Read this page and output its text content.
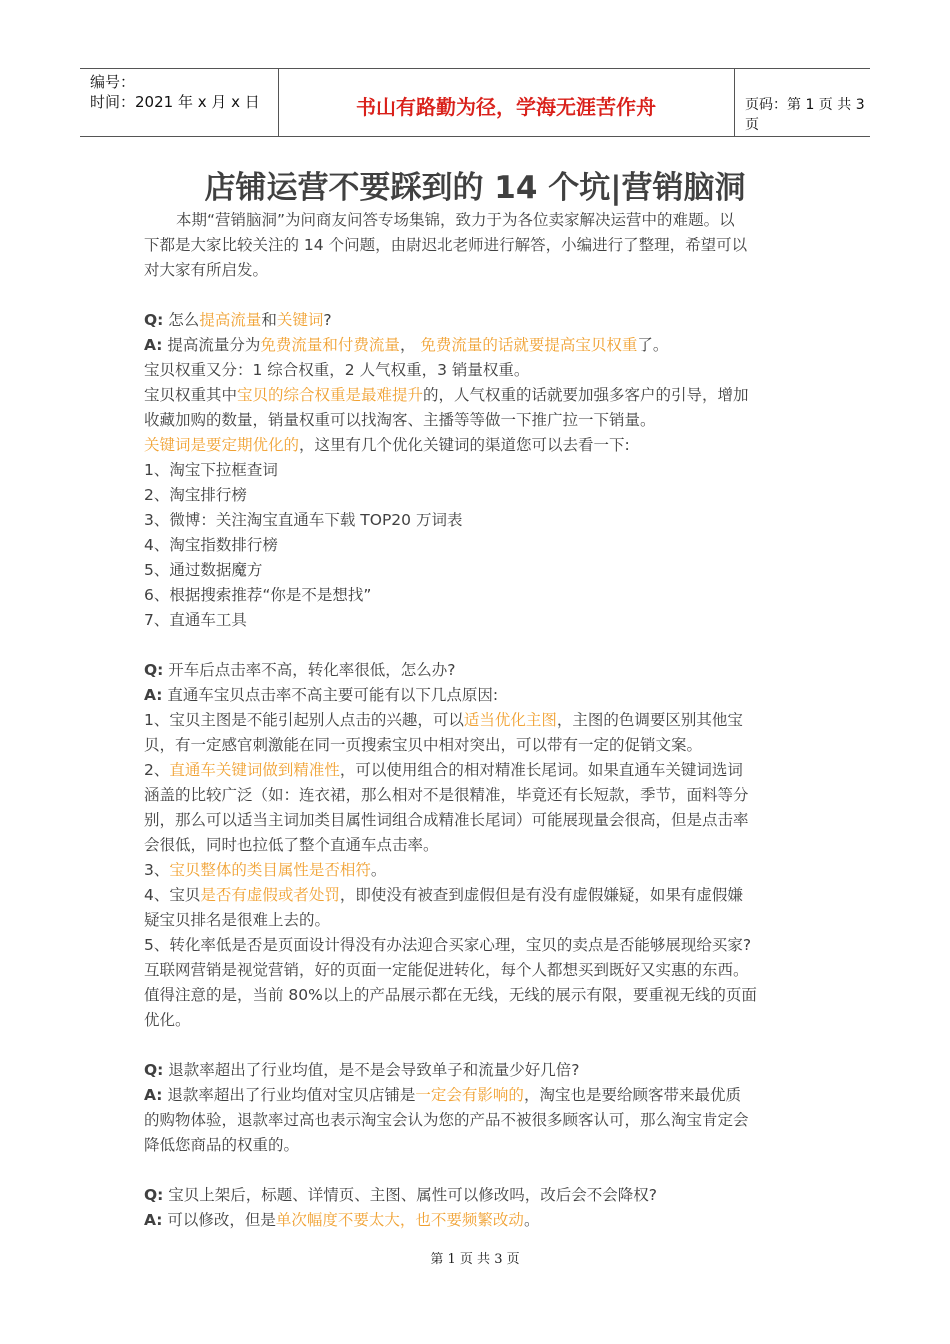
编号：
时间：2021 年 x 月 x 日	书山有路勤为径，学海无涯苦作舟	页码：第 1 页 共 3 页
店铺运营不要踩到的 14 个坑|营销脑洞
本期“营销脑洞”为问商友问答专场集锦，致力于为各位卖家解决运营中的难题。以
下都是大家比较关注的 14 个问题，由尉迟北老师进行解答，小编进行了整理，希望可以
对大家有所启发。
Q: 怎么提高流量和关键词?
A: 提高流量分为免费流量和付费流量， 免费流量的话就要提高宝贝权重了。
宝贝权重又分：1 综合权重，2 人气权重，3 销量权重。
宝贝权重其中宝贝的综合权重是最难提升的，人气权重的话就要加强多客户的引导，增加
收藏加购的数量，销量权重可以找淘客、主播等等做一下推广拉一下销量。
关键词是要定期优化的，这里有几个优化关键词的渠道您可以去看一下:
1、淘宝下拉框查词
2、淘宝排行榜
3、微博：关注淘宝直通车下载 TOP20 万词表
4、淘宝指数排行榜
5、通过数据魔方
6、根据搜索推荐“你是不是想找”
7、直通车工具
Q: 开车后点击率不高，转化率很低，怎么办?
A: 直通车宝贝点击率不高主要可能有以下几点原因:
1、宝贝主图是不能引起别人点击的兴趣，可以适当优化主图，主图的色调要区别其他宝
贝，有一定感官刺激能在同一页搜索宝贝中相对突出，可以带有一定的促销文案。
2、直通车关键词做到精准性，可以使用组合的相对精准长尾词。如果直通车关键词选词
涵盖的比较广泛（如：连衣裙，那么相对不是很精准，毕竟还有长短款，季节，面料等分
别，那么可以适当主词加类目属性词组合成精准长尾词）可能展现量会很高，但是点击率
会很低，同时也拉低了整个直通车点击率。
3、宝贝整体的类目属性是否相符。
4、宝贝是否有虚假或者处罚，即使没有被查到虚假但是有没有虚假嫌疑，如果有虚假嫌
疑宝贝排名是很难上去的。
5、转化率低是否是页面设计得没有办法迎合买家心理，宝贝的卖点是否能够展现给买家?
互联网营销是视觉营销，好的页面一定能促进转化，每个人都想买到既好又实惠的东西。
值得注意的是，当前 80%以上的产品展示都在无线，无线的展示有限，要重视无线的页面
优化。
Q: 退款率超出了行业均值，是不是会导致单子和流量少好几倍?
A: 退款率超出了行业均值对宝贝店铺是一定会有影响的，淘宝也是要给顾客带来最优质
的购物体验，退款率过高也表示淘宝会认为您的产品不被很多顾客认可，那么淘宝肯定会
降低您商品的权重的。
Q: 宝贝上架后，标题、详情页、主图、属性可以修改吗，改后会不会降权?
A: 可以修改，但是单次幅度不要太大，也不要频繁改动。
第 1 页 共 3 页
